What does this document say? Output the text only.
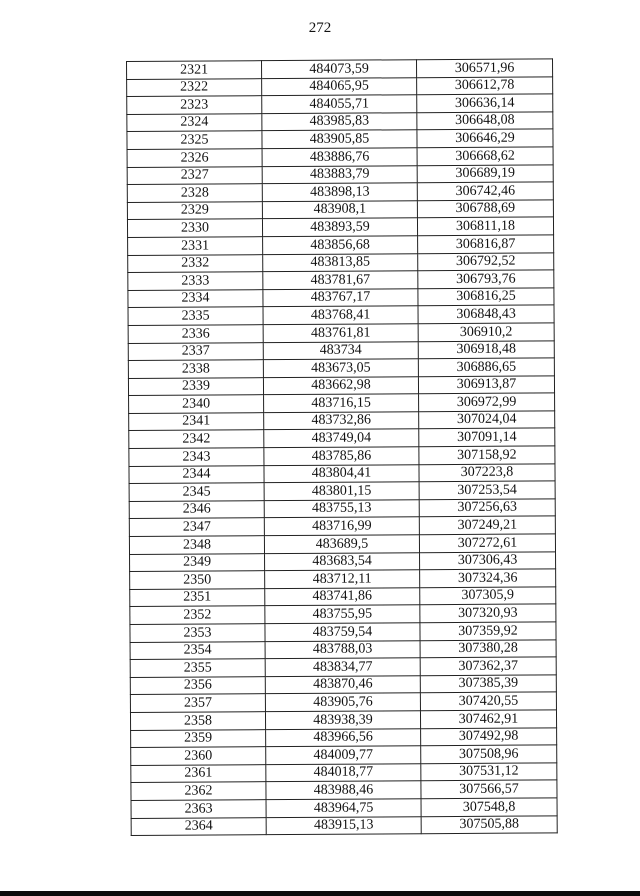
272
2321	484073,59	306571,96
2322	484065,95	306612,78
2323	484055,71	306636,14
2324	483985,83	306648,08
2325	483905,85	306646,29
2326	483886,76	306668,62
2327	483883,79	306689,19
2328	483898,13	306742,46
2329	483908,1	306788,69
2330	483893,59	306811,18
2331	483856,68	306816,87
2332	483813,85	306792,52
2333	483781,67	306793,76
2334	483767,17	306816,25
2335	483768,41	306848,43
2336	483761,81	306910,2
2337	483734	306918,48
2338	483673,05	306886,65
2339	483662,98	306913,87
2340	483716,15	306972,99
2341	483732,86	307024,04
2342	483749,04	307091,14
2343	483785,86	307158,92
2344	483804,41	307223,8
2345	483801,15	307253,54
2346	483755,13	307256,63
2347	483716,99	307249,21
2348	483689,5	307272,61
2349	483683,54	307306,43
2350	483712,11	307324,36
2351	483741,86	307305,9
2352	483755,95	307320,93
2353	483759,54	307359,92
2354	483788,03	307380,28
2355	483834,77	307362,37
2356	483870,46	307385,39
2357	483905,76	307420,55
2358	483938,39	307462,91
2359	483966,56	307492,98
2360	484009,77	307508,96
2361	484018,77	307531,12
2362	483988,46	307566,57
2363	483964,75	307548,8
2364	483915,13	307505,88
